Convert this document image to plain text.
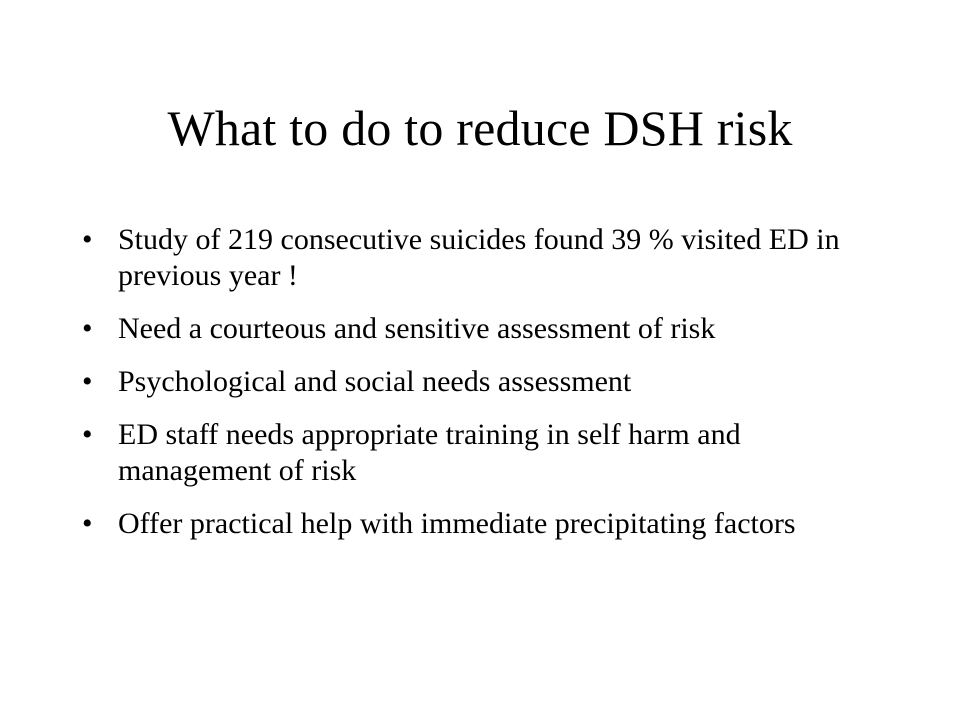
What to do to reduce DSH risk
• Study of 219 consecutive suicides found 39 % visited ED in previous year !
• Need a courteous and sensitive assessment of risk
• Psychological and social needs assessment
• ED staff needs appropriate training in self harm and management of risk
• Offer practical help with immediate precipitating factors
